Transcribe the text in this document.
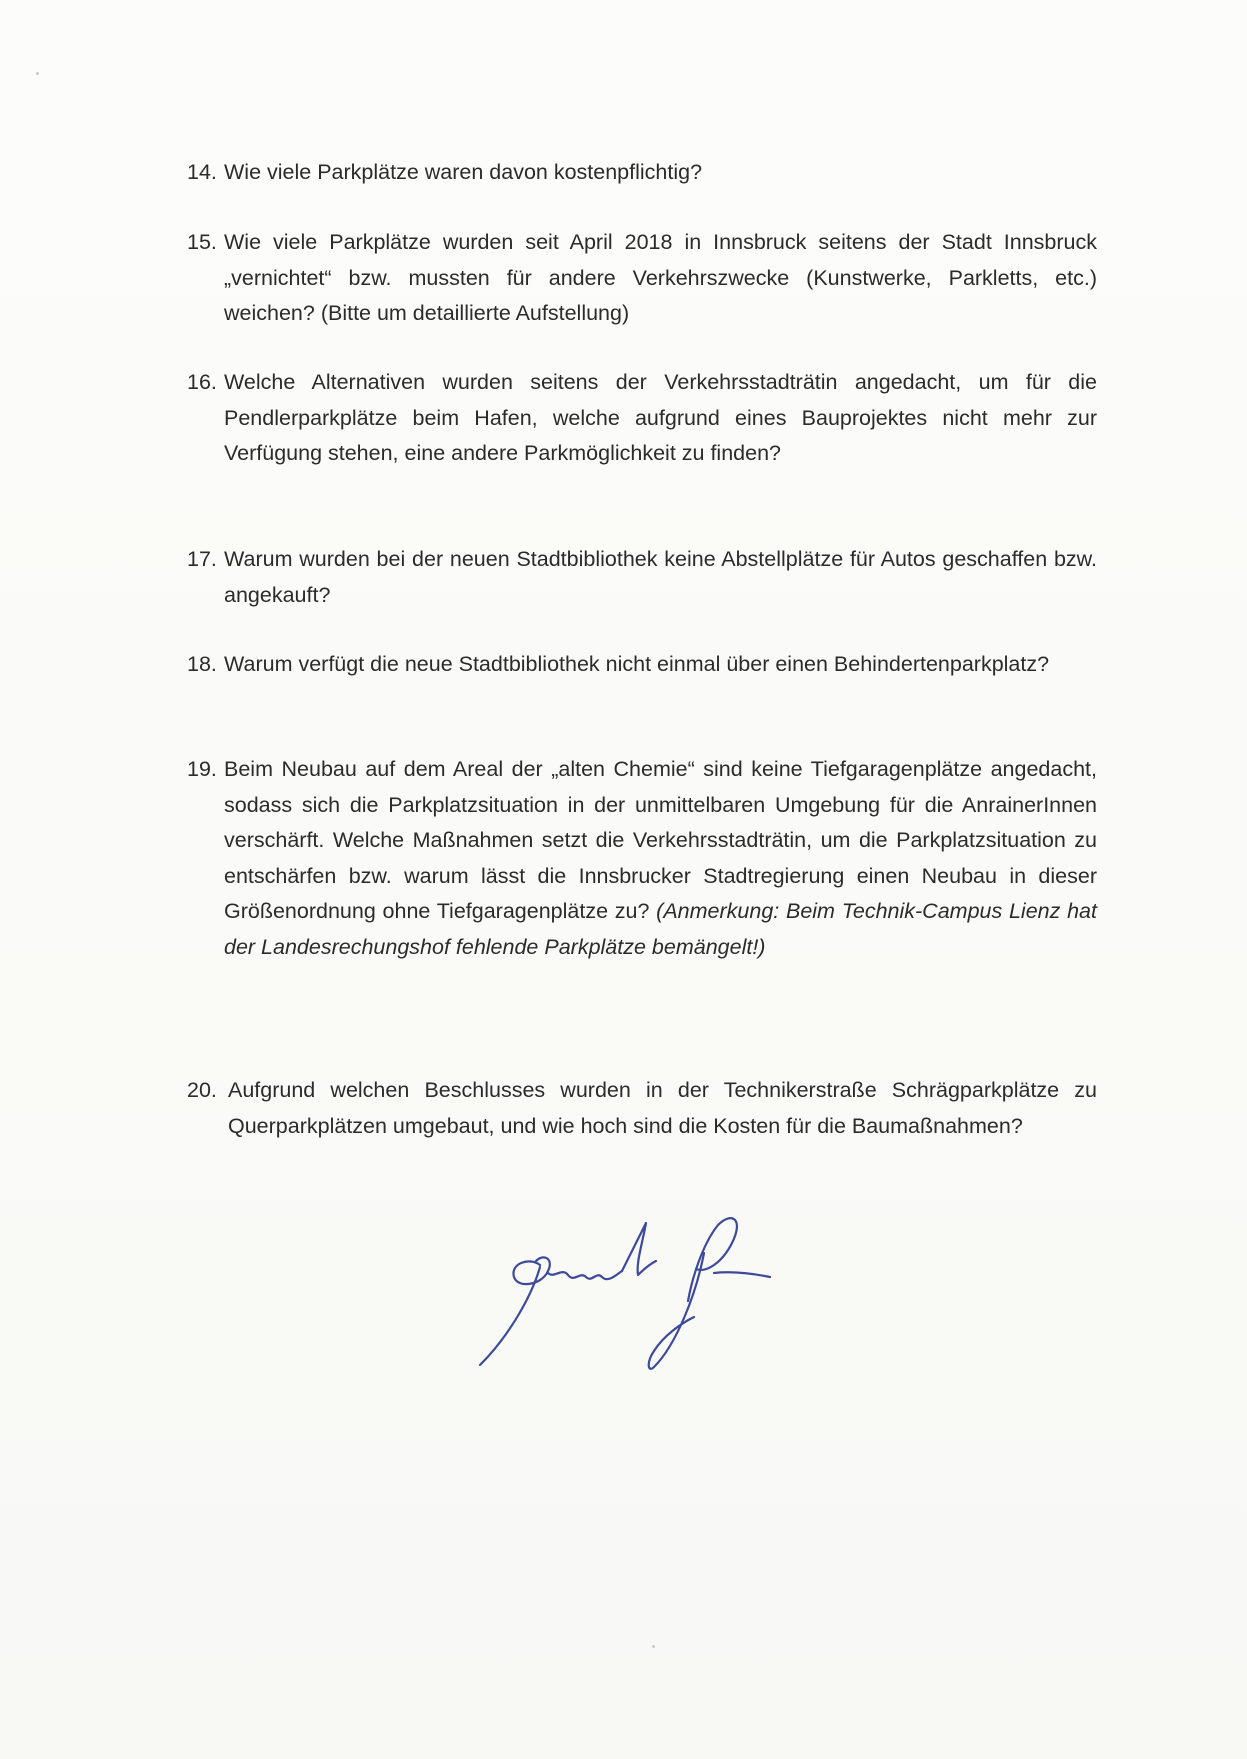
14. Wie viele Parkplätze waren davon kostenpflichtig?
15. Wie viele Parkplätze wurden seit April 2018 in Innsbruck seitens der Stadt Innsbruck „vernichtet“ bzw. mussten für andere Verkehrszwecke (Kunstwerke, Parkletts, etc.) weichen? (Bitte um detaillierte Aufstellung)
16. Welche Alternativen wurden seitens der Verkehrsstadträtin angedacht, um für die Pendlerparkplätze beim Hafen, welche aufgrund eines Bauprojektes nicht mehr zur Verfügung stehen, eine andere Parkmöglichkeit zu finden?
17. Warum wurden bei der neuen Stadtbibliothek keine Abstellplätze für Autos geschaffen bzw. angekauft?
18. Warum verfügt die neue Stadtbibliothek nicht einmal über einen Behindertenparkplatz?
19. Beim Neubau auf dem Areal der „alten Chemie“ sind keine Tiefgaragenplätze angedacht, sodass sich die Parkplatzsituation in der unmittelbaren Umgebung für die AnrainerInnen verschärft. Welche Maßnahmen setzt die Verkehrsstadträtin, um die Parkplatzsituation zu entschärfen bzw. warum lässt die Innsbrucker Stadtregierung einen Neubau in dieser Größenordnung ohne Tiefgaragenplätze zu? (Anmerkung: Beim Technik-Campus Lienz hat der Landesrechungshof fehlende Parkplätze bemängelt!)
20. Aufgrund welchen Beschlusses wurden in der Technikerstraße Schrägparkplätze zu Querparkplätzen umgebaut, und wie hoch sind die Kosten für die Baumaßnahmen?
